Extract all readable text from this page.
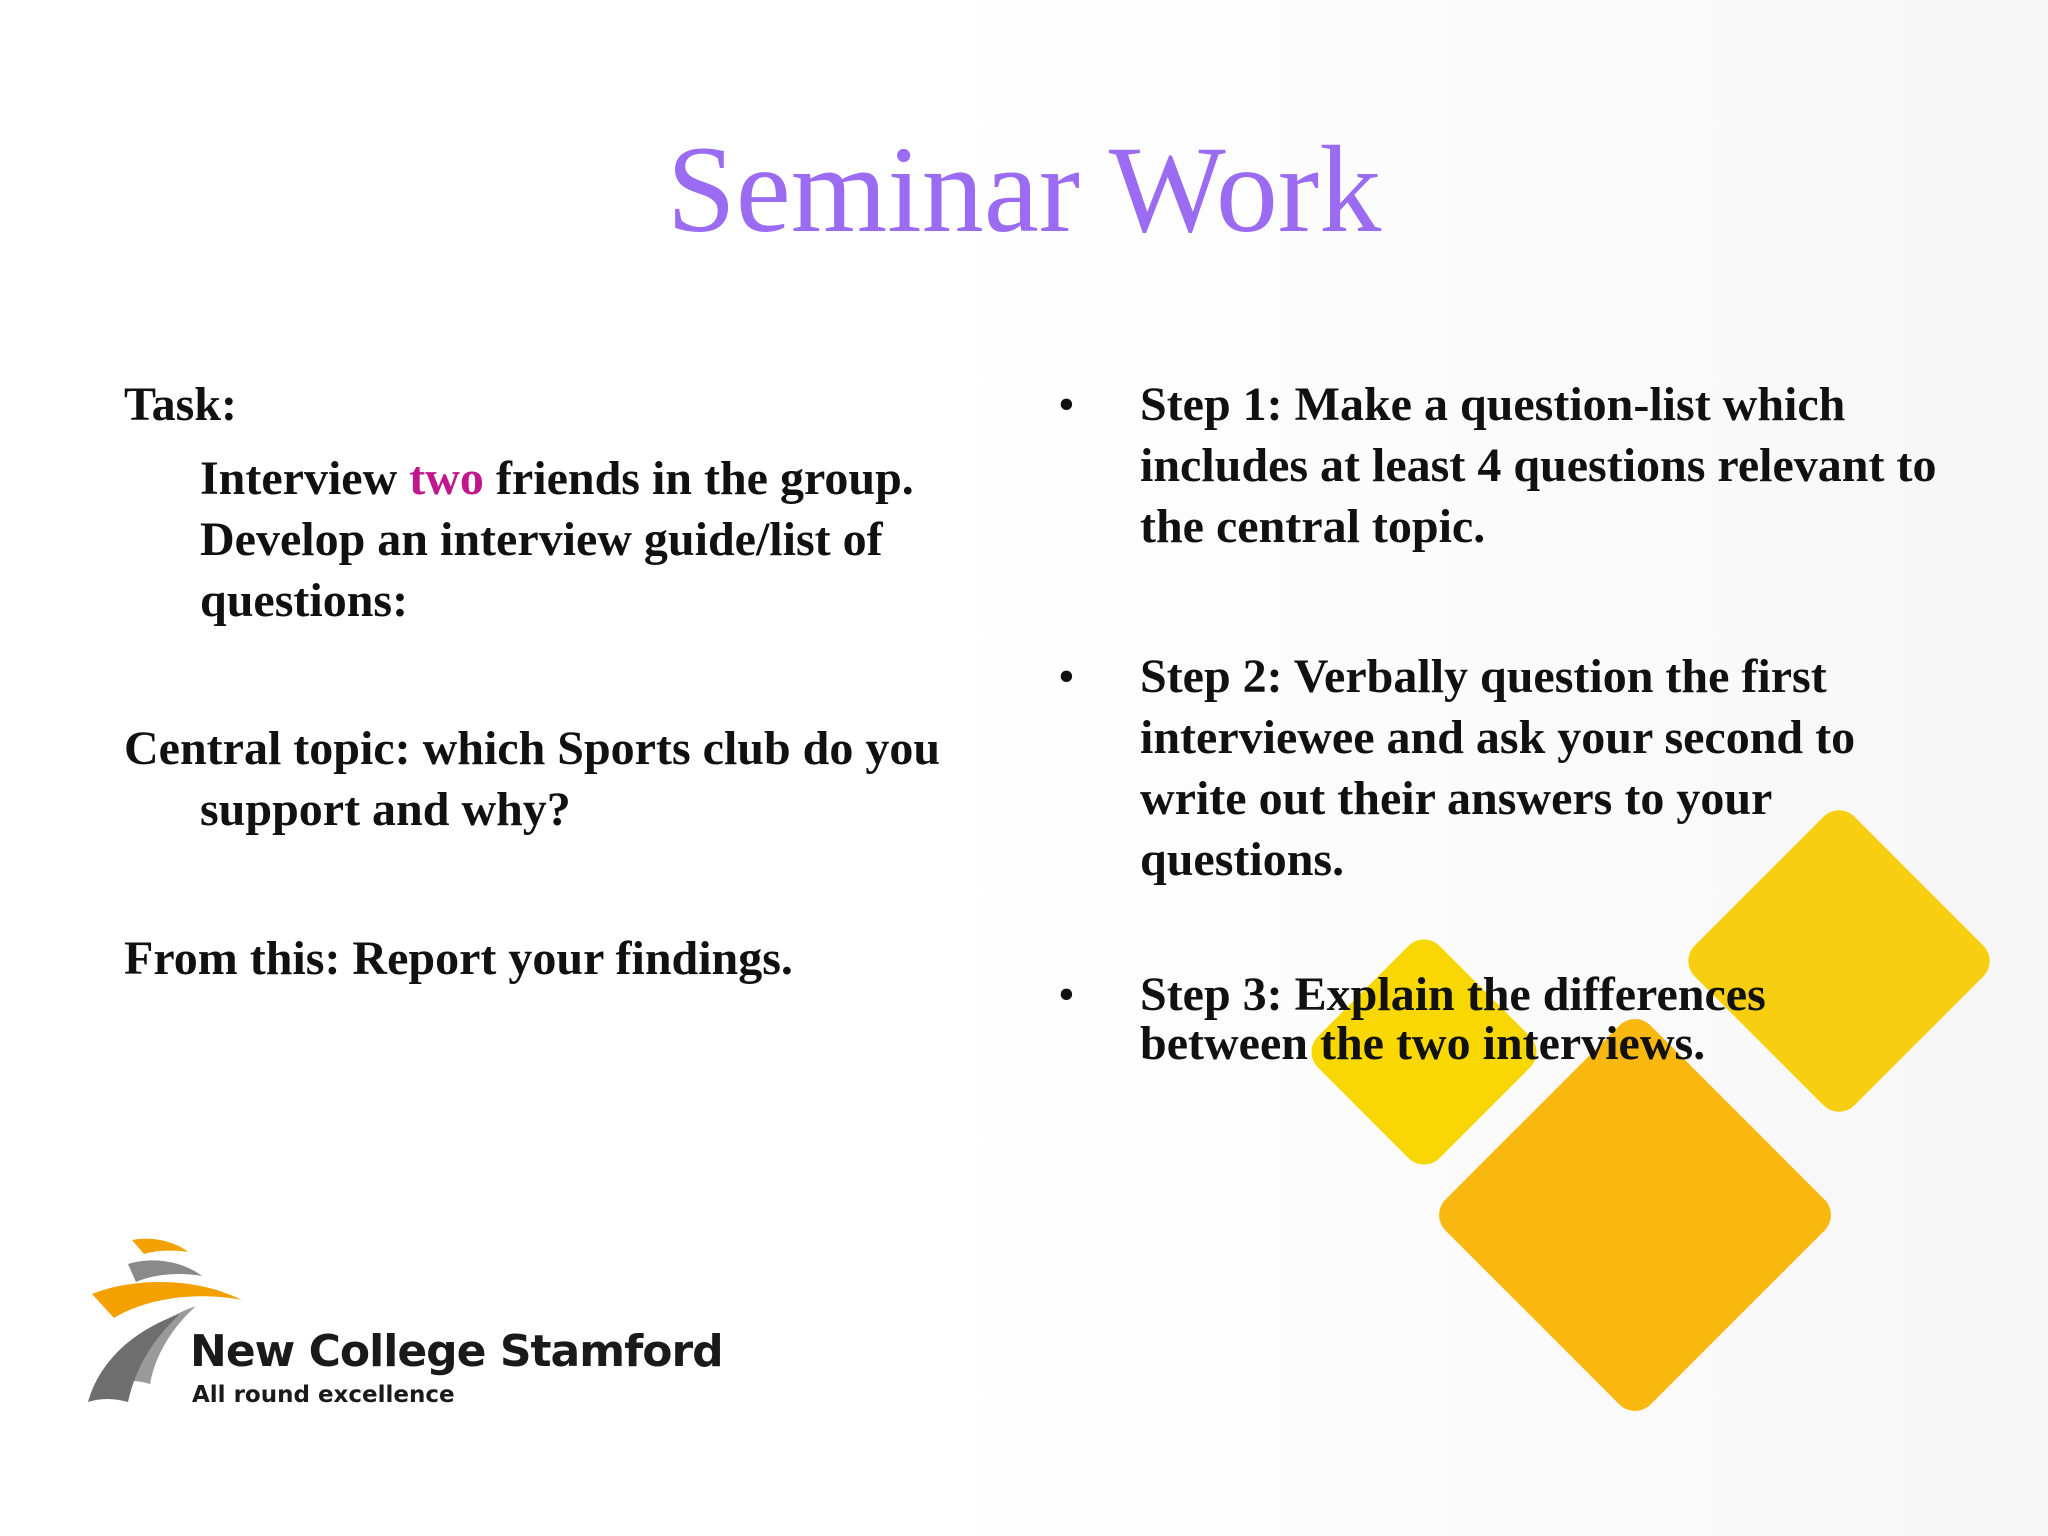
Seminar Work
Task:
Interview two friends in the group. Develop an interview guide/list of questions:
Central topic: which Sports club do you support and why?
From this: Report your findings.
•	Step 1: Make a question-list which includes at least 4 questions relevant to the central topic.
•	Step 2: Verbally question the first interviewee and ask your second to write out their answers to your questions.
•	Step 3: Explain the differences between the two interviews.
New College Stamford
All round excellence
